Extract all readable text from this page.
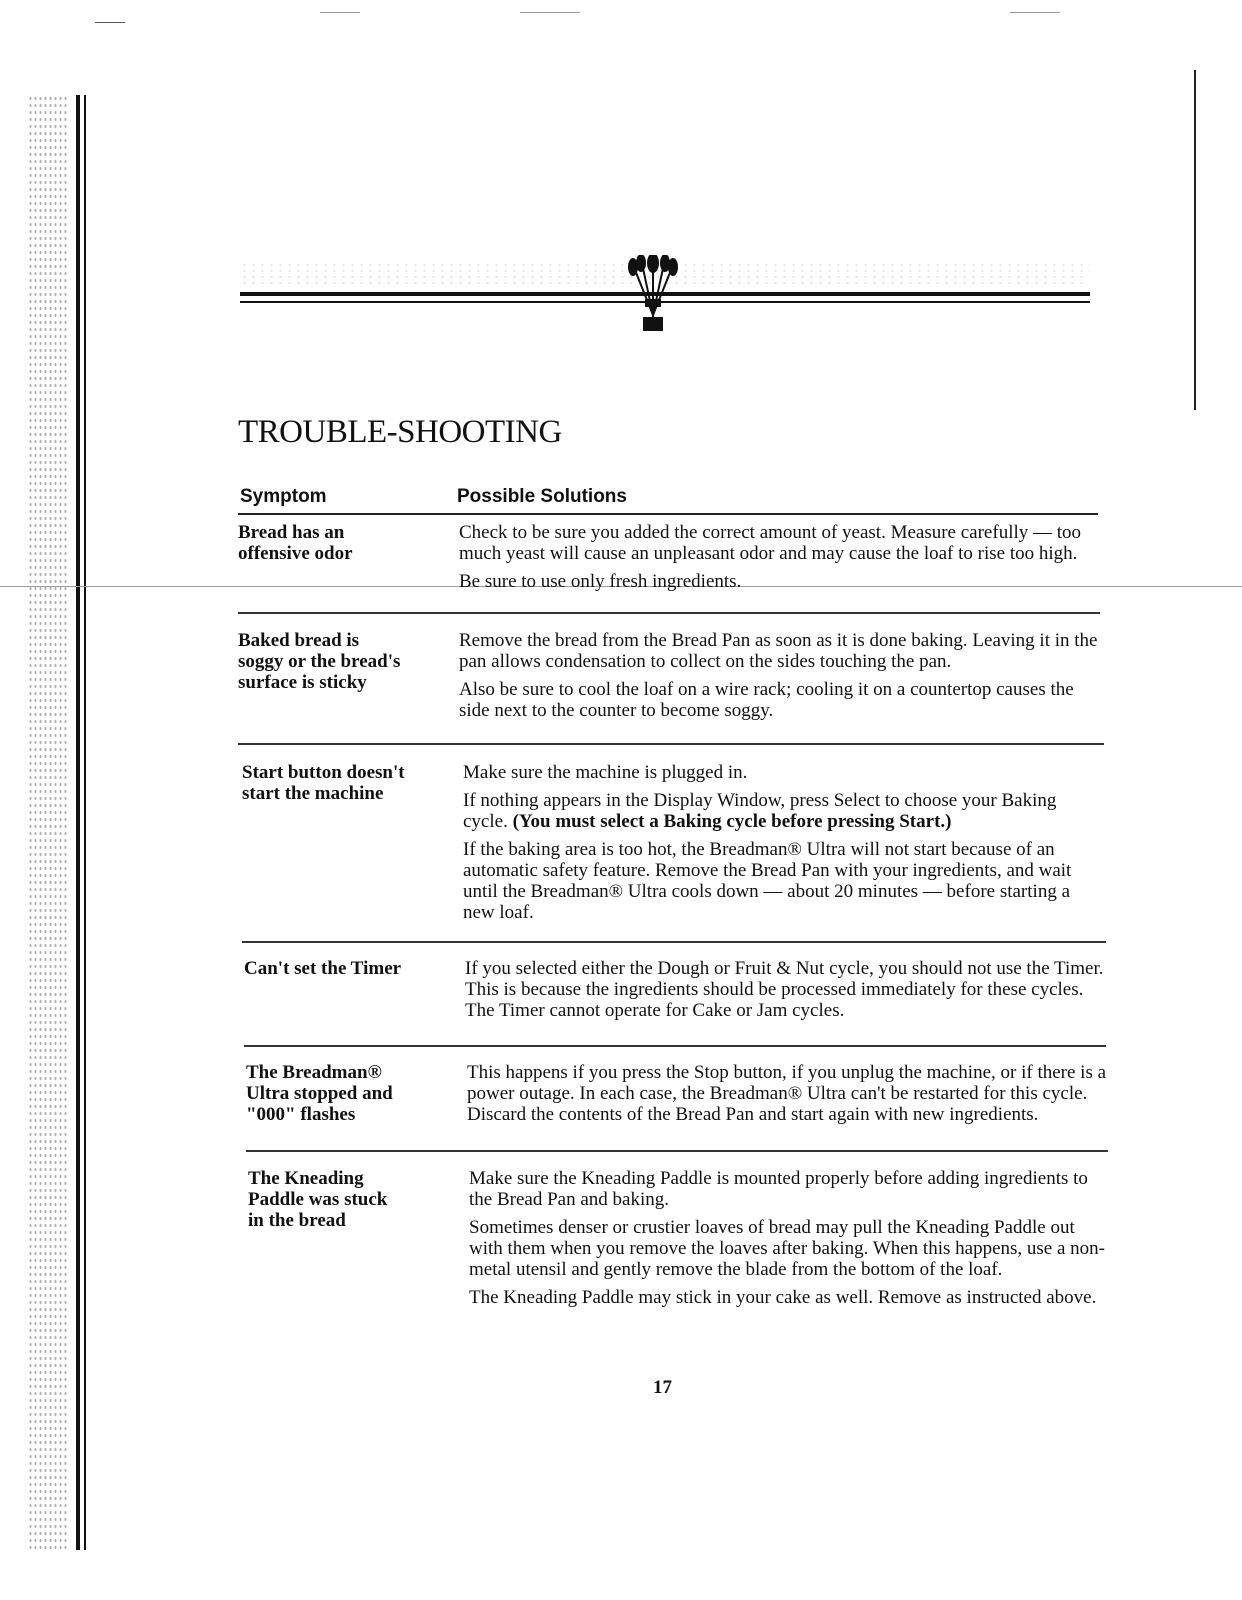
TROUBLE-SHOOTING
Symptom	Possible Solutions
Bread has an
offensive odor

Check to be sure you added the correct amount of yeast. Measure carefully — too much yeast will cause an unpleasant odor and may cause the loaf to rise too high.

Be sure to use only fresh ingredients.

Baked bread is
soggy or the bread's
surface is sticky

Remove the bread from the Bread Pan as soon as it is done baking. Leaving it in the pan allows condensation to collect on the sides touching the pan.

Also be sure to cool the loaf on a wire rack; cooling it on a countertop causes the side next to the counter to become soggy.

Start button doesn't
start the machine

Make sure the machine is plugged in.

If nothing appears in the Display Window, press Select to choose your Baking cycle. (You must select a Baking cycle before pressing Start.)

If the baking area is too hot, the Breadman® Ultra will not start because of an automatic safety feature. Remove the Bread Pan with your ingredients, and wait until the Breadman® Ultra cools down — about 20 minutes — before starting a new loaf.

Can't set the Timer	If you selected either the Dough or Fruit & Nut cycle, you should not use the Timer. This is because the ingredients should be processed immediately for these cycles. The Timer cannot operate for Cake or Jam cycles.

The Breadman®
Ultra stopped and
"000" flashes

This happens if you press the Stop button, if you unplug the machine, or if there is a power outage. In each case, the Breadman® Ultra can't be restarted for this cycle. Discard the contents of the Bread Pan and start again with new ingredients.

The Kneading
Paddle was stuck
in the bread

Make sure the Kneading Paddle is mounted properly before adding ingredients to the Bread Pan and baking.

Sometimes denser or crustier loaves of bread may pull the Kneading Paddle out with them when you remove the loaves after baking. When this happens, use a non-metal utensil and gently remove the blade from the bottom of the loaf.

The Kneading Paddle may stick in your cake as well. Remove as instructed above.

17
